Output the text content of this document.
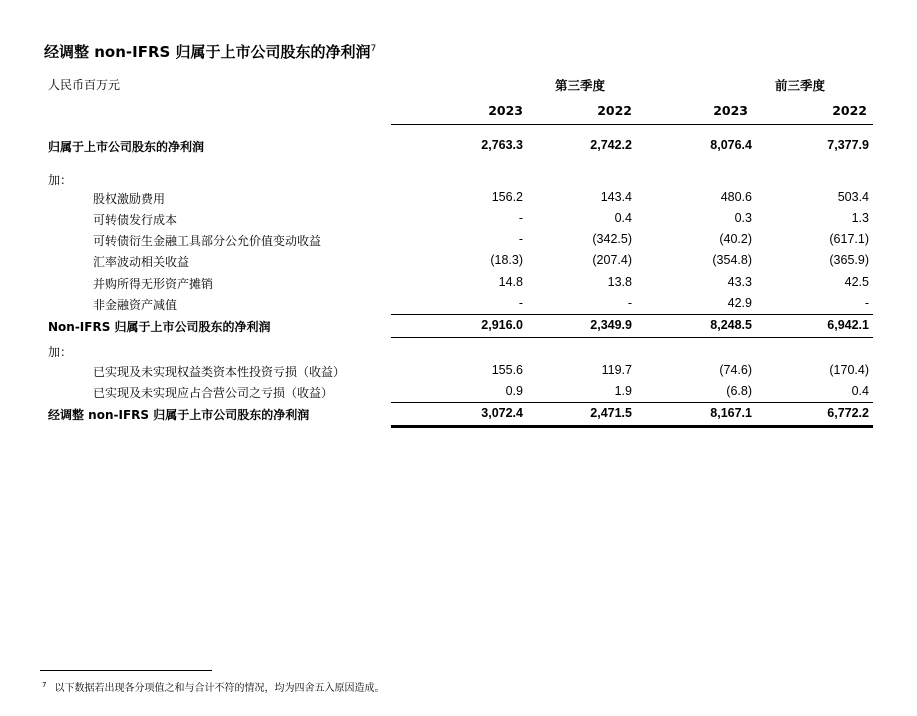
经调整 non-IFRS 归属于上市公司股东的净利润$^7$
人民币百万元	第三季度	前三季度
2023	2022	2023	2022
归属于上市公司股东的净利润	2,763.3	2,742.2	8,076.4	7,377.9
加：
股权激励费用	156.2	143.4	480.6	503.4
可转债发行成本	-	0.4	0.3	1.3
可转债衍生金融工具部分公允价值变动收益	-	(342.5)	(40.2)	(617.1)
汇率波动相关收益	(18.3)	(207.4)	(354.8)	(365.9)
并购所得无形资产摊销	14.8	13.8	43.3	42.5
非金融资产减值	-	-	42.9	-
Non-IFRS 归属于上市公司股东的净利润	2,916.0	2,349.9	8,248.5	6,942.1
加：
已实现及未实现权益类资本性投资亏损（收益）	155.6	119.7	(74.6)	(170.4)
已实现及未实现应占合营公司之亏损（收益）	0.9	1.9	(6.8)	0.4
经调整 non-IFRS 归属于上市公司股东的净利润	3,072.4	2,471.5	8,167.1	6,772.2
$^7$ 以下数据若出现各分项值之和与合计不符的情况，均为四舍五入原因造成。
